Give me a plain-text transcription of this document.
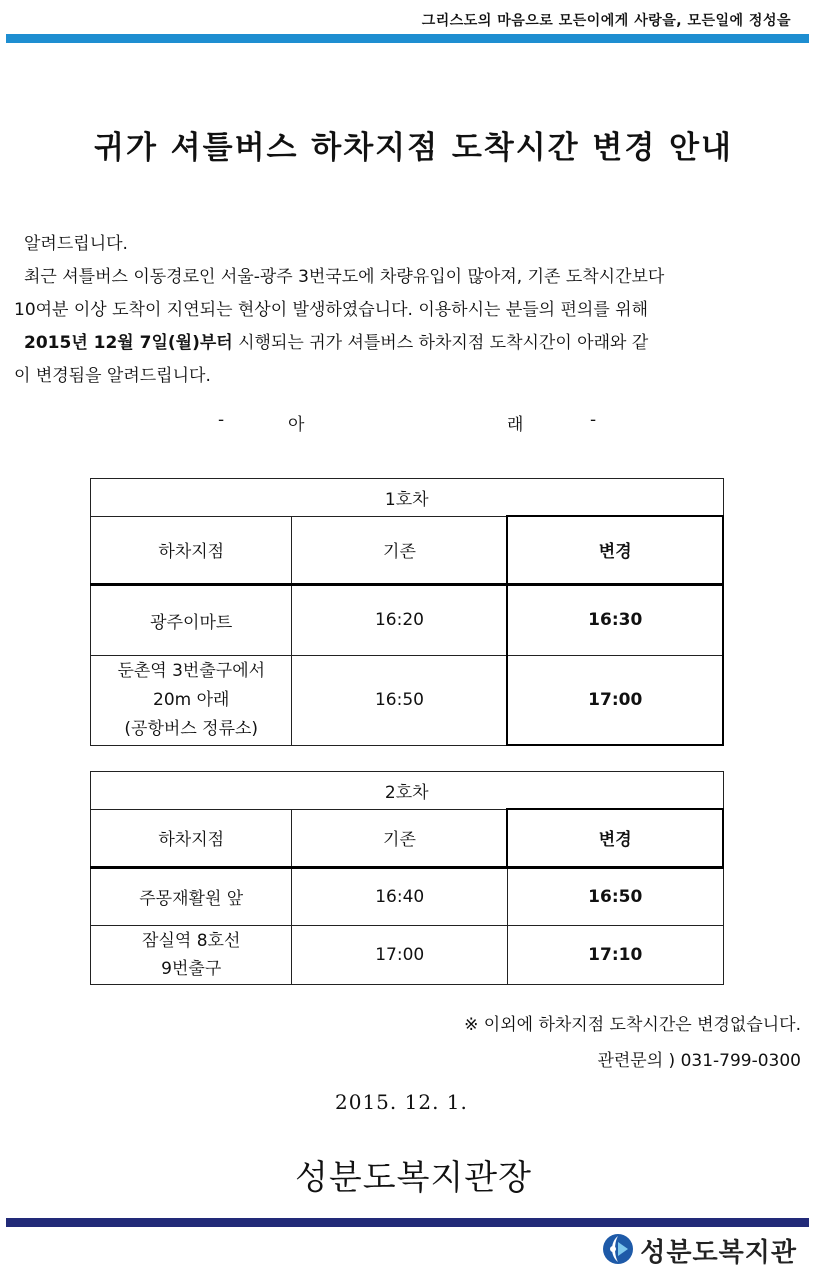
그리스도의 마음으로 모든이에게 사랑을, 모든일에 정성을
귀가 셔틀버스 하차지점 도착시간 변경 안내

알려드립니다.

최근 셔틀버스 이동경로인 서울-광주 3번국도에 차량유입이 많아져, 기존 도착시간보다

10여분 이상 도착이 지연되는 현상이 발생하였습니다. 이용하시는 분들의 편의를 위해

2015년 12월 7일(월)부터 시행되는 귀가 셔틀버스 하차지점 도착시간이 아래와 같

이 변경됨을 알려드립니다.

-	아	래	-
1호차		
하차지점	기존	변경
광주이마트	16:20	16:30

둔촌역 3번출구에서
20m 아래
(공항버스 정류소)	16:50	17:00
2호차		
하차지점	기존	변경
주몽재활원 앞	16:40	16:50

잠실역 8호선
9번출구	17:00	17:10
※ 이외에 하차지점 도착시간은 변경없습니다.
관련문의 ) 031-799-0300
2015. 12. 1.
성분도복지관장
성분도복지관
